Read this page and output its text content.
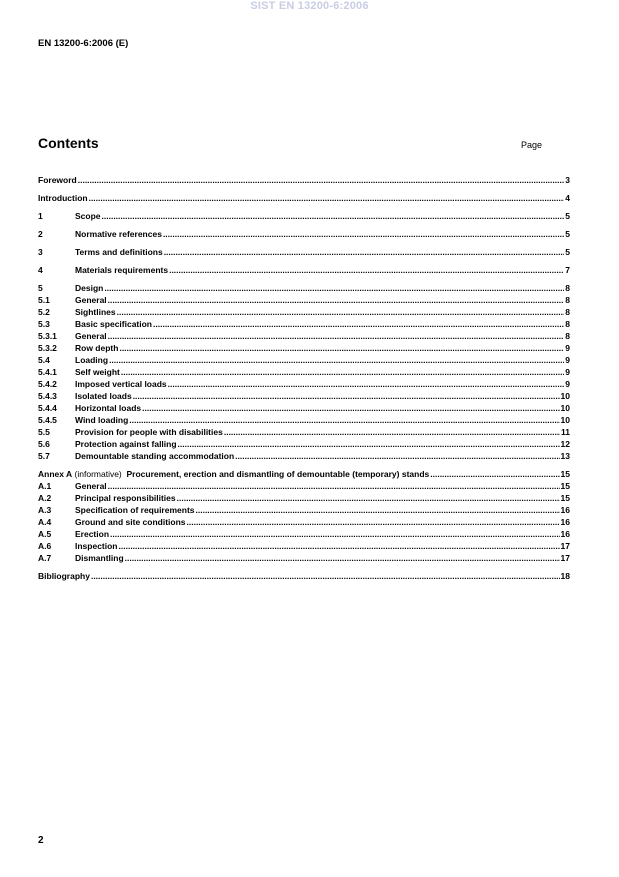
SIST EN 13200-6:2006
EN 13200-6:2006 (E)
Contents	Page
Foreword .....	3
Introduction .....	4
1	Scope .....	5
2	Normative references .....	5
3	Terms and definitions .....	5
4	Materials requirements .....	7
5	Design .....	8
5.1	General .....	8
5.2	Sightlines .....	8
5.3	Basic specification .....	8
5.3.1	General .....	8
5.3.2	Row depth .....	9
5.4	Loading .....	9
5.4.1	Self weight .....	9
5.4.2	Imposed vertical loads .....	9
5.4.3	Isolated loads .....	10
5.4.4	Horizontal loads .....	10
5.4.5	Wind loading .....	10
5.5	Provision for people with disabilities .....	11
5.6	Protection against falling .....	12
5.7	Demountable standing accommodation .....	13
Annex A (informative)  Procurement, erection and dismantling of demountable (temporary) stands .....	15
A.1	General .....	15
A.2	Principal responsibilities .....	15
A.3	Specification of requirements .....	16
A.4	Ground and site conditions .....	16
A.5	Erection .....	16
A.6	Inspection .....	17
A.7	Dismantling .....	17
Bibliography .....	18
2
